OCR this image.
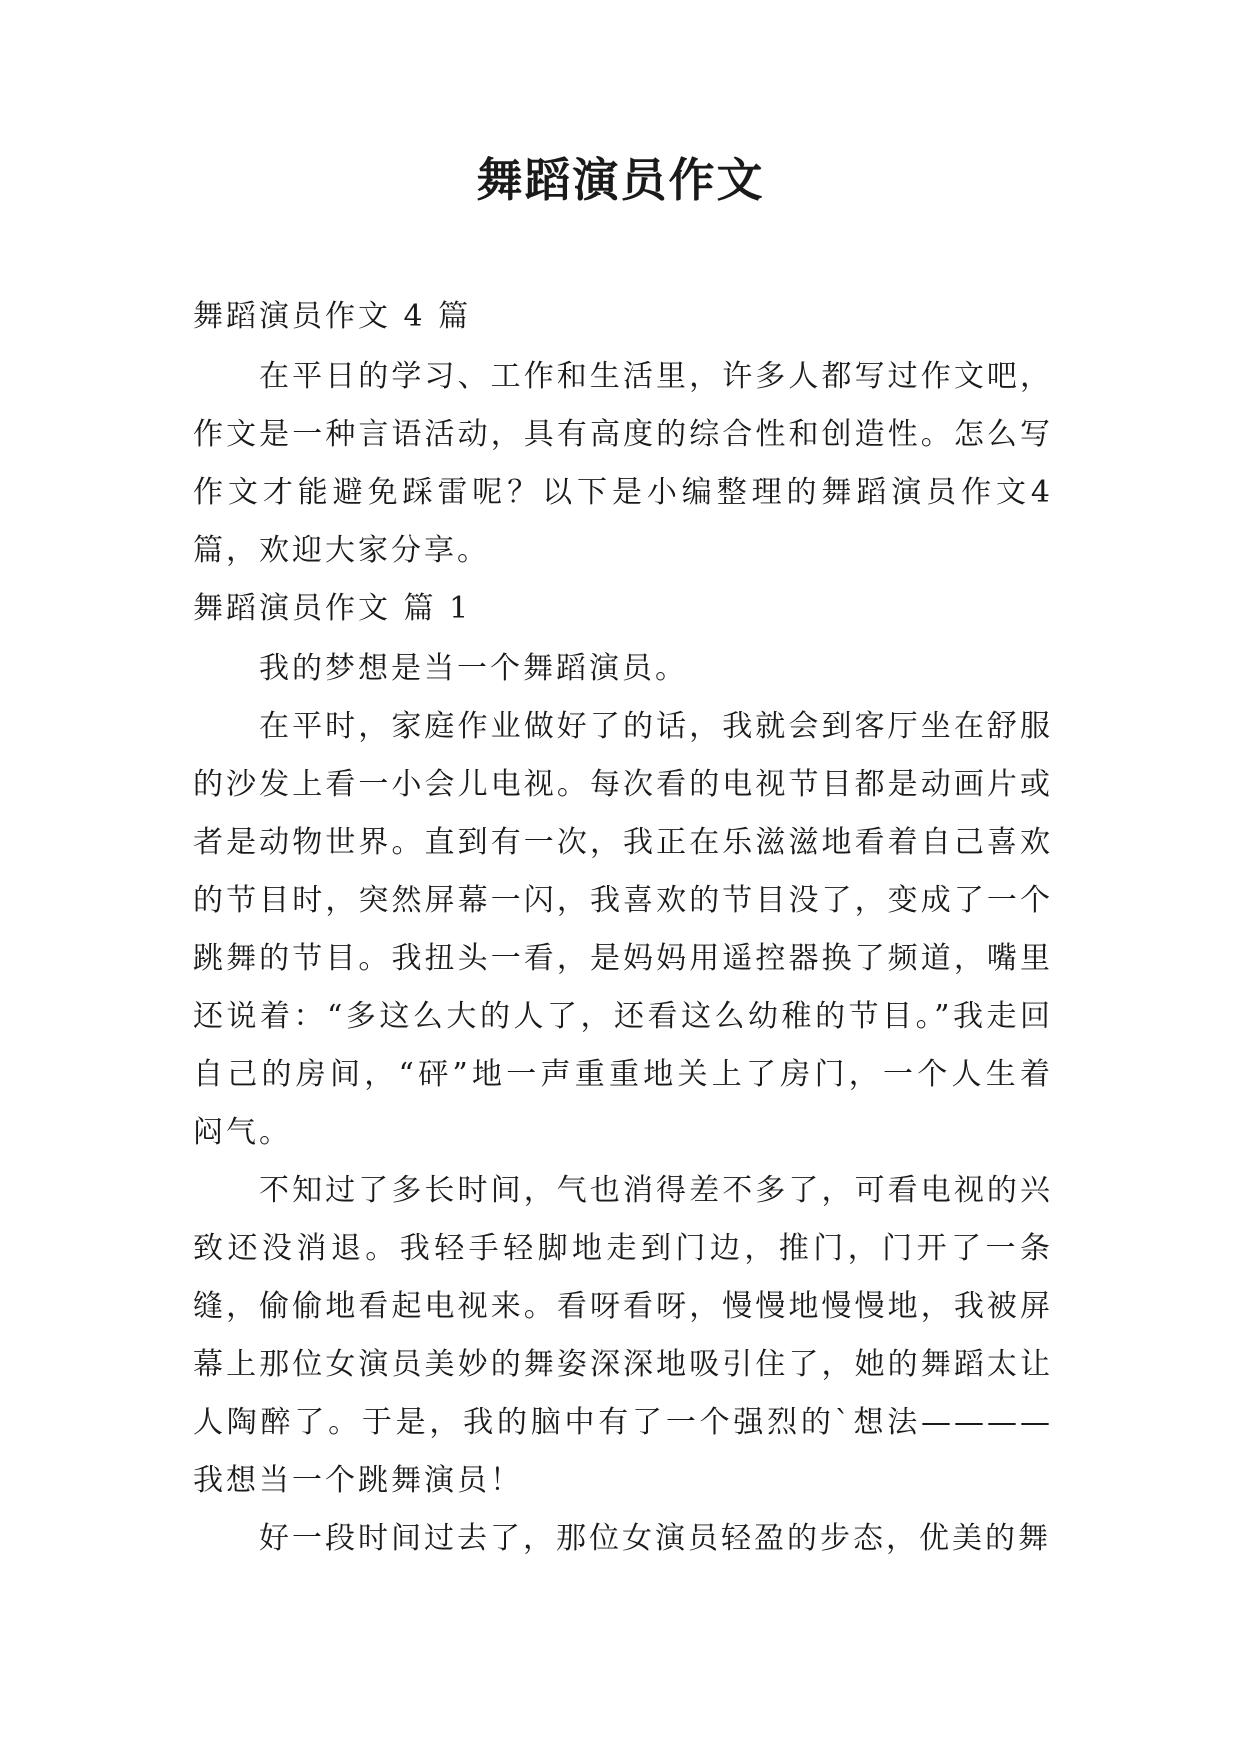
舞蹈演员作文

舞蹈演员作文 4 篇

在平日的学习、工作和生活里，许多人都写过作文吧，作文是一种言语活动，具有高度的综合性和创造性。怎么写作文才能避免踩雷呢？以下是小编整理的舞蹈演员作文4篇，欢迎大家分享。

舞蹈演员作文 篇 1

我的梦想是当一个舞蹈演员。

在平时，家庭作业做好了的话，我就会到客厅坐在舒服的沙发上看一小会儿电视。每次看的电视节目都是动画片或者是动物世界。直到有一次，我正在乐滋滋地看着自己喜欢的节目时，突然屏幕一闪，我喜欢的节目没了，变成了一个跳舞的节目。我扭头一看，是妈妈用遥控器换了频道，嘴里还说着：“多这么大的人了，还看这么幼稚的节目。”我走回自己的房间，“砰”地一声重重地关上了房门，一个人生着闷气。

不知过了多长时间，气也消得差不多了，可看电视的兴致还没消退。我轻手轻脚地走到门边，推门，门开了一条缝，偷偷地看起电视来。看呀看呀，慢慢地慢慢地，我被屏幕上那位女演员美妙的舞姿深深地吸引住了，她的舞蹈太让人陶醉了。于是，我的脑中有了一个强烈的`想法————我想当一个跳舞演员！

好一段时间过去了，那位女演员轻盈的步态，优美的舞
